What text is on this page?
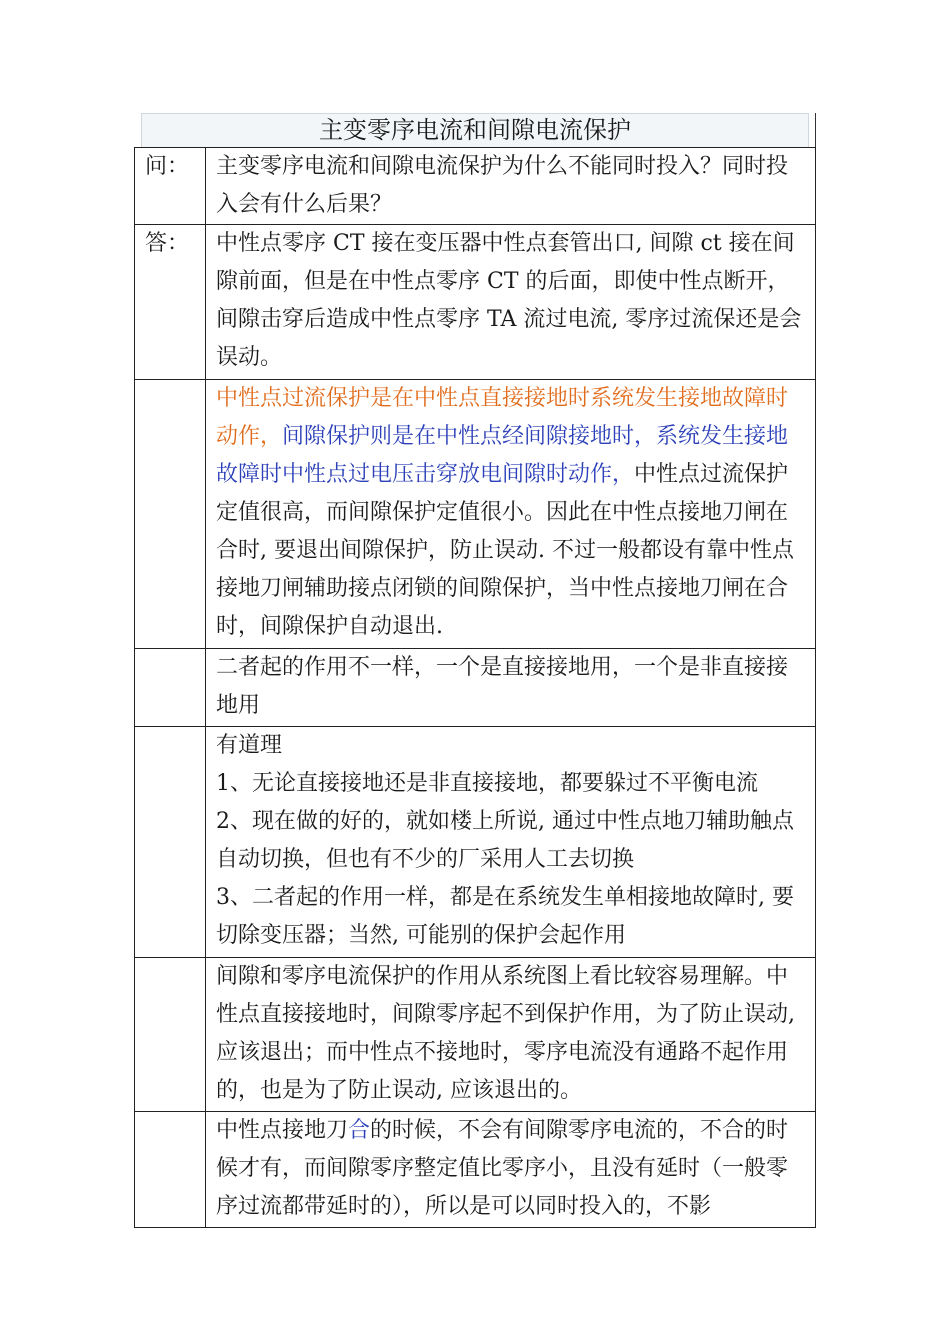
主变零序电流和间隙电流保护
问：	主变零序电流和间隙电流保护为什么不能同时投入？同时投入会有什么后果？
答：	中性点零序 CT 接在变压器中性点套管出口, 间隙 ct 接在间隙前面，但是在中性点零序 CT 的后面，即使中性点断开，间隙击穿后造成中性点零序 TA 流过电流, 零序过流保还是会误动。
	中性点过流保护是在中性点直接接地时系统发生接地故障时动作，间隙保护则是在中性点经间隙接地时，系统发生接地故障时中性点过电压击穿放电间隙时动作，中性点过流保护定值很高，而间隙保护定值很小。因此在中性点接地刀闸在合时, 要退出间隙保护，防止误动. 不过一般都设有靠中性点接地刀闸辅助接点闭锁的间隙保护，当中性点接地刀闸在合时，间隙保护自动退出.
	二者起的作用不一样，一个是直接接地用，一个是非直接接地用

	有道理
1、无论直接接地还是非直接接地，都要躲过不平衡电流
2、现在做的好的，就如楼上所说, 通过中性点地刀辅助触点自动切换，但也有不少的厂采用人工去切换
3、二者起的作用一样，都是在系统发生单相接地故障时, 要切除变压器；当然, 可能别的保护会起作用

	间隙和零序电流保护的作用从系统图上看比较容易理解。中性点直接接地时，间隙零序起不到保护作用，为了防止误动, 应该退出；而中性点不接地时，零序电流没有通路不起作用的，也是为了防止误动, 应该退出的。
	中性点接地刀合的时候，不会有间隙零序电流的，不合的时候才有，而间隙零序整定值比零序小，且没有延时（一般零序过流都带延时的），所以是可以同时投入的，不影
